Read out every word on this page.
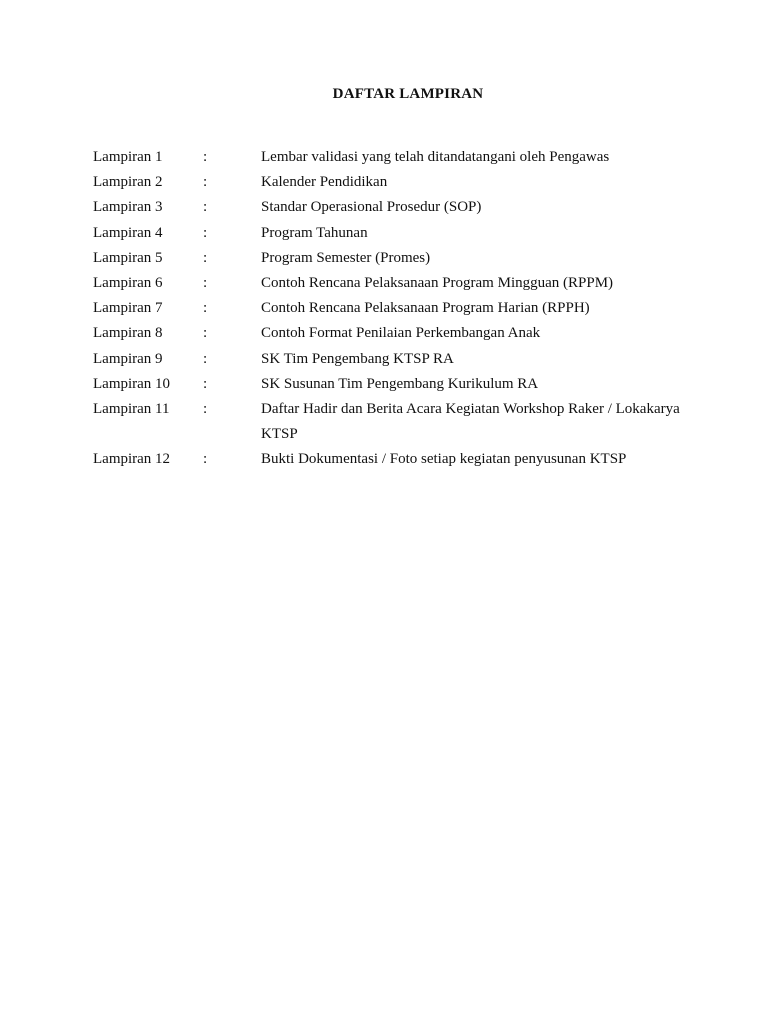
DAFTAR LAMPIRAN
Lampiran 1	:	Lembar validasi yang telah ditandatangani oleh Pengawas
Lampiran 2	:	Kalender Pendidikan
Lampiran 3	:	Standar Operasional Prosedur (SOP)
Lampiran 4	:	Program Tahunan
Lampiran 5	:	Program Semester (Promes)
Lampiran 6	:	Contoh Rencana Pelaksanaan Program Mingguan (RPPM)
Lampiran 7	:	Contoh Rencana Pelaksanaan Program Harian (RPPH)
Lampiran 8	:	Contoh Format Penilaian Perkembangan Anak
Lampiran 9	:	SK Tim Pengembang KTSP RA
Lampiran 10	:	SK Susunan Tim Pengembang Kurikulum RA
Lampiran 11	:	Daftar Hadir dan Berita Acara Kegiatan Workshop Raker / Lokakarya KTSP
Lampiran 12	:	Bukti Dokumentasi / Foto setiap kegiatan penyusunan KTSP
